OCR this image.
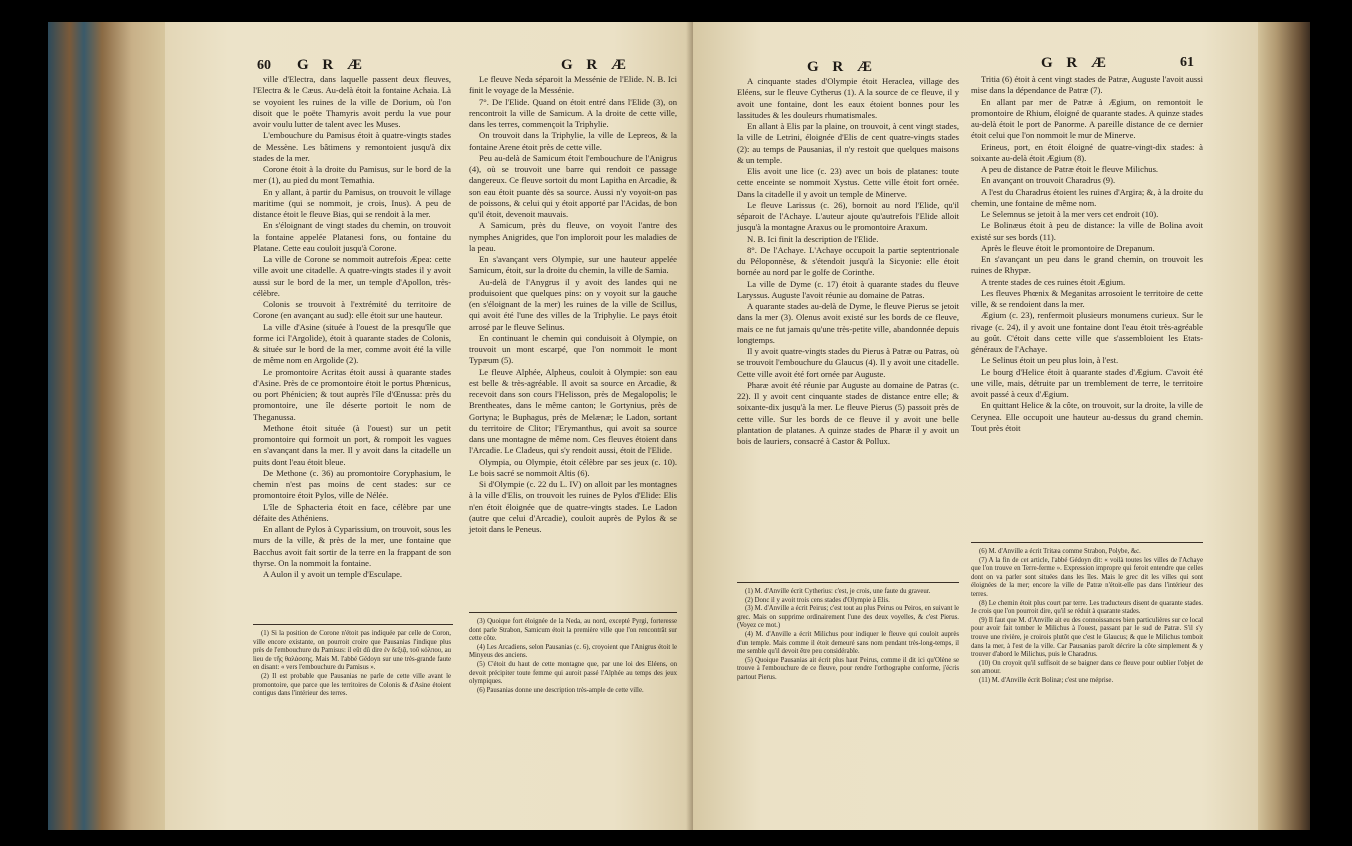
60 G R Æ	G R Æ

ville d'Electra, dans laquelle passent deux fleuves, l'Electra & le Cæus. Au-delà étoit la fontaine Achaia. Là se voyoient les ruines de la ville de Dorium, où l'on disoit que le poëte Thamyris avoit perdu la vue pour avoir voulu lutter de talent avec les Muses.

L'embouchure du Pamisus étoit à quatre-vingts stades de Messène. Les bâtimens y remontoient jusqu'à dix stades de la mer.

Corone étoit à la droite du Pamisus, sur le bord de la mer (1), au pied du mont Temathia.

En y allant, à partir du Pamisus, on trouvoit le village maritime (qui se nommoit, je crois, Inus). A peu de distance étoit le fleuve Bias, qui se rendoit à la mer.

En s'éloignant de vingt stades du chemin, on trouvoit la fontaine appelée Platanesi fons, ou fontaine du Platane. Cette eau couloit jusqu'à Corone.

La ville de Corone se nommoit autrefois Æpea: cette ville avoit une citadelle. A quatre-vingts stades il y avoit aussi sur le bord de la mer, un temple d'Apollon, très-célèbre.

Colonis se trouvoit à l'extrémité du territoire de Corone (en avançant au sud): elle étoit sur une hauteur.

La ville d'Asine (située à l'ouest de la presqu'île que forme ici l'Argolide), étoit à quarante stades de Colonis, & située sur le bord de la mer, comme avoit été la ville de même nom en Argolide (2).

Le promontoire Acritas étoit aussi à quarante stades d'Asine. Près de ce promontoire étoit le portus Phœnicus, ou port Phénicien; & tout auprès l'île d'Œnussa: près du promontoire, une île déserte portoit le nom de Theganussa.

Methone étoit située (à l'ouest) sur un petit promontoire qui formoit un port, & rompoit les vagues en s'avançant dans la mer. Il y avoit dans la citadelle un puits dont l'eau étoit bleue.

De Methone (c. 36) au promontoire Coryphasium, le chemin n'est pas moins de cent stades: sur ce promontoire étoit Pylos, ville de Nélée.

L'île de Sphacteria étoit en face, célèbre par une défaite des Athéniens.

En allant de Pylos à Cyparissium, on trouvoit, sous les murs de la ville, & près de la mer, une fontaine que Bacchus avoit fait sortir de la terre en la frappant de son thyrse. On la nommoit la fontaine.

A Aulon il y avoit un temple d'Esculape.

(1) Si la position de Corone n'étoit pas indiquée par celle de Coron, ville encore existante, on pourroit croire que Pausanias l'indique plus près de l'embouchure du Pamisus: il eût dû dire ἐν δεξιᾷ, τοῦ κόλπου, au lieu de τῆς θαλάσσης. Mais M. l'abbé Gédoyn sur une très-grande faute en disant: « vers l'embouchure du Pamisus ».

(2) Il est probable que Pausanias ne parle de cette ville avant le promontoire, que parce que les territoires de Colonis & d'Asine étoient contigus dans l'intérieur des terres.

Le fleuve Neda séparoit la Messénie de l'Elide. N. B. Ici finit le voyage de la Messénie.

7°. De l'Elide. Quand on étoit entré dans l'Elide (3), on rencontroit la ville de Samicum. A la droite de cette ville, dans les terres, commençoit la Triphylie.

On trouvoit dans la Triphylie, la ville de Lepreos, & la fontaine Arene étoit près de cette ville.

Peu au-delà de Samicum étoit l'embouchure de l'Anigrus (4), où se trouvoit une barre qui rendoit ce passage dangereux. Ce fleuve sortoit du mont Lapitha en Arcadie, & son eau étoit puante dès sa source. Aussi n'y voyoit-on pas de poissons, & celui qui y étoit apporté par l'Acidas, de bon qu'il étoit, devenoit mauvais.

A Samicum, près du fleuve, on voyoit l'antre des nymphes Anigrides, que l'on imploroit pour les maladies de la peau.

En s'avançant vers Olympie, sur une hauteur appelée Samicum, étoit, sur la droite du chemin, la ville de Samia.

Au-delà de l'Anygrus il y avoit des landes qui ne produisoient que quelques pins: on y voyoit sur la gauche (en s'éloignant de la mer) les ruines de la ville de Scillus, qui avoit été l'une des villes de la Triphylie. Le pays étoit arrosé par le fleuve Selinus.

En continuant le chemin qui conduisoit à Olympie, on trouvoit un mont escarpé, que l'on nommoit le mont Typæum (5).

Le fleuve Alphée, Alpheus, couloit à Olympie: son eau est belle & très-agréable. Il avoit sa source en Arcadie, & recevoit dans son cours l'Helisson, près de Megalopolis; le Brentheates, dans le même canton; le Gortynius, près de Gortyna; le Buphagus, près de Melænæ; le Ladon, sortant du territoire de Clitor; l'Erymanthus, qui avoit sa source dans une montagne de même nom. Ces fleuves étoient dans l'Arcadie. Le Cladeus, qui s'y rendoit aussi, étoit de l'Elide.

Olympia, ou Olympie, étoit célèbre par ses jeux (c. 10). Le bois sacré se nommoit Altis (6).

Si d'Olympie (c. 22 du L. IV) on alloit par les montagnes à la ville d'Elis, on trouvoit les ruines de Pylos d'Elide: Elis n'en étoit éloignée que de quatre-vingts stades. Le Ladon (autre que celui d'Arcadie), couloit auprès de Pylos & se jetoit dans le Peneus.

(3) Quoique fort éloignée de la Neda, au nord, excepté Pyrgi, forteresse dont parle Strabon, Samicum étoit la première ville que l'on rencontrât sur cette côte.

(4) Les Arcadiens, selon Pausanias (c. 6), croyoient que l'Anigrus étoit le Minyeus des anciens.

(5) C'étoit du haut de cette montagne que, par une loi des Eléens, on devoit précipiter toute femme qui auroit passé l'Alphée au temps des jeux olympiques.

(6) Pausanias donne une description très-ample de cette ville.

G R Æ	G R Æ	61

A cinquante stades d'Olympie étoit Heraclea, village des Eléens, sur le fleuve Cytherus (1). A la source de ce fleuve, il y avoit une fontaine, dont les eaux étoient bonnes pour les lassitudes & les douleurs rhumatismales.

En allant à Elis par la plaine, on trouvoit, à cent vingt stades, la ville de Letrini, éloignée d'Elis de cent quatre-vingts stades (2): au temps de Pausanias, il n'y restoit que quelques maisons & un temple.

Elis avoit une lice (c. 23) avec un bois de platanes: toute cette enceinte se nommoit Xystus. Cette ville étoit fort ornée. Dans la citadelle il y avoit un temple de Minerve.

Le fleuve Larissus (c. 26), bornoit au nord l'Elide, qu'il séparoit de l'Achaye. L'auteur ajoute qu'autrefois l'Elide alloit jusqu'à la montagne Araxus ou le promontoire Araxum.

N. B. Ici finit la description de l'Elide.

8°. De l'Achaye. L'Achaye occupoit la partie septentrionale du Péloponnèse, & s'étendoit jusqu'à la Sicyonie: elle étoit bornée au nord par le golfe de Corinthe.

La ville de Dyme (c. 17) étoit à quarante stades du fleuve Laryssus. Auguste l'avoit réunie au domaine de Patras.

A quarante stades au-delà de Dyme, le fleuve Pierus se jetoit dans la mer (3). Olenus avoit existé sur les bords de ce fleuve, mais ce ne fut jamais qu'une très-petite ville, abandonnée depuis longtemps.

Il y avoit quatre-vingts stades du Pierus à Patræ ou Patras, où se trouvoit l'embouchure du Glaucus (4). Il y avoit une citadelle. Cette ville avoit été fort ornée par Auguste.

Pharæ avoit été réunie par Auguste au domaine de Patras (c. 22). Il y avoit cent cinquante stades de distance entre elle; & soixante-dix jusqu'à la mer. Le fleuve Pierus (5) passoit près de cette ville. Sur les bords de ce fleuve il y avoit une belle plantation de platanes. A quinze stades de Pharæ il y avoit un bois de lauriers, consacré à Castor & Pollux.

(1) M. d'Anville écrit Cytherius: c'est, je crois, une faute du graveur.

(2) Donc il y avoit trois cens stades d'Olympie à Elis.

(3) M. d'Anville a écrit Peirus; c'est tout au plus Peirus ou Peiros, en suivant le grec. Mais on supprime ordinairement l'une des deux voyelles, & c'est Pierus. (Voyez ce mot.)

(4) M. d'Anville a écrit Milichus pour indiquer le fleuve qui couloit auprès d'un temple. Mais comme il étoit demeuré sans nom pendant très-long-temps, il me semble qu'il devoit être peu considérable.

(5) Quoique Pausanias ait écrit plus haut Peirus, comme il dit ici qu'Olène se trouve à l'embouchure de ce fleuve, pour rendre l'orthographe conforme, j'écris partout Pierus.

Tritia (6) étoit à cent vingt stades de Patræ, Auguste l'avoit aussi mise dans la dépendance de Patræ (7).

En allant par mer de Patræ à Ægium, on remontoit le promontoire de Rhium, éloigné de quarante stades. A quinze stades au-delà étoit le port de Panorme. A pareille distance de ce dernier étoit celui que l'on nommoit le mur de Minerve.

Erineus, port, en étoit éloigné de quatre-vingt-dix stades: à soixante au-delà étoit Ægium (8).

A peu de distance de Patræ étoit le fleuve Milichus.

En avançant on trouvoit Charadrus (9).

A l'est du Charadrus étoient les ruines d'Argira; &, à la droite du chemin, une fontaine de même nom.

Le Selemnus se jetoit à la mer vers cet endroit (10).

Le Bolinæus étoit à peu de distance: la ville de Bolina avoit existé sur ses bords (11).

Après le fleuve étoit le promontoire de Drepanum.

En s'avançant un peu dans le grand chemin, on trouvoit les ruines de Rhypæ.

A trente stades de ces ruines étoit Ægium.

Les fleuves Phœnix & Meganitas arrosoient le territoire de cette ville, & se rendoient dans la mer.

Ægium (c. 23), renfermoit plusieurs monumens curieux. Sur le rivage (c. 24), il y avoit une fontaine dont l'eau étoit très-agréable au goût. C'étoit dans cette ville que s'assembloient les Etats-généraux de l'Achaye.

Le Selinus étoit un peu plus loin, à l'est.

Le bourg d'Helice étoit à quarante stades d'Ægium. C'avoit été une ville, mais, détruite par un tremblement de terre, le territoire avoit passé à ceux d'Ægium.

En quittant Helice & la côte, on trouvoit, sur la droite, la ville de Cerynea. Elle occupoit une hauteur au-dessus du grand chemin. Tout près étoit

(6) M. d'Anville a écrit Tritæa comme Strabon, Polybe, &c.

(7) A la fin de cet article, l'abbé Gédoyn dit: « voilà toutes les villes de l'Achaye que l'on trouve en Terre-ferme ». Expression impropre qui feroit entendre que celles dont on va parler sont situées dans les îles. Mais le grec dit les villes qui sont éloignées de la mer; encore la ville de Patræ n'étoit-elle pas dans l'intérieur des terres.

(8) Le chemin étoit plus court par terre. Les traducteurs disent de quarante stades. Je crois que l'on pourroit dire, qu'il se réduit à quarante stades.

(9) Il faut que M. d'Anville ait eu des connoissances bien particulières sur ce local pour avoir fait tomber le Milichus à l'ouest, passant par le sud de Patræ. S'il s'y trouve une rivière, je croirois plutôt que c'est le Glaucus; & que le Milichus tomboit dans la mer, à l'est de la ville. Car Pausanias paroît décrire la côte simplement & y trouver d'abord le Milichus, puis le Charadrus.

(10) On croyoit qu'il suffisoit de se baigner dans ce fleuve pour oublier l'objet de son amour.

(11) M. d'Anville écrit Bolinæ; c'est une méprise.
